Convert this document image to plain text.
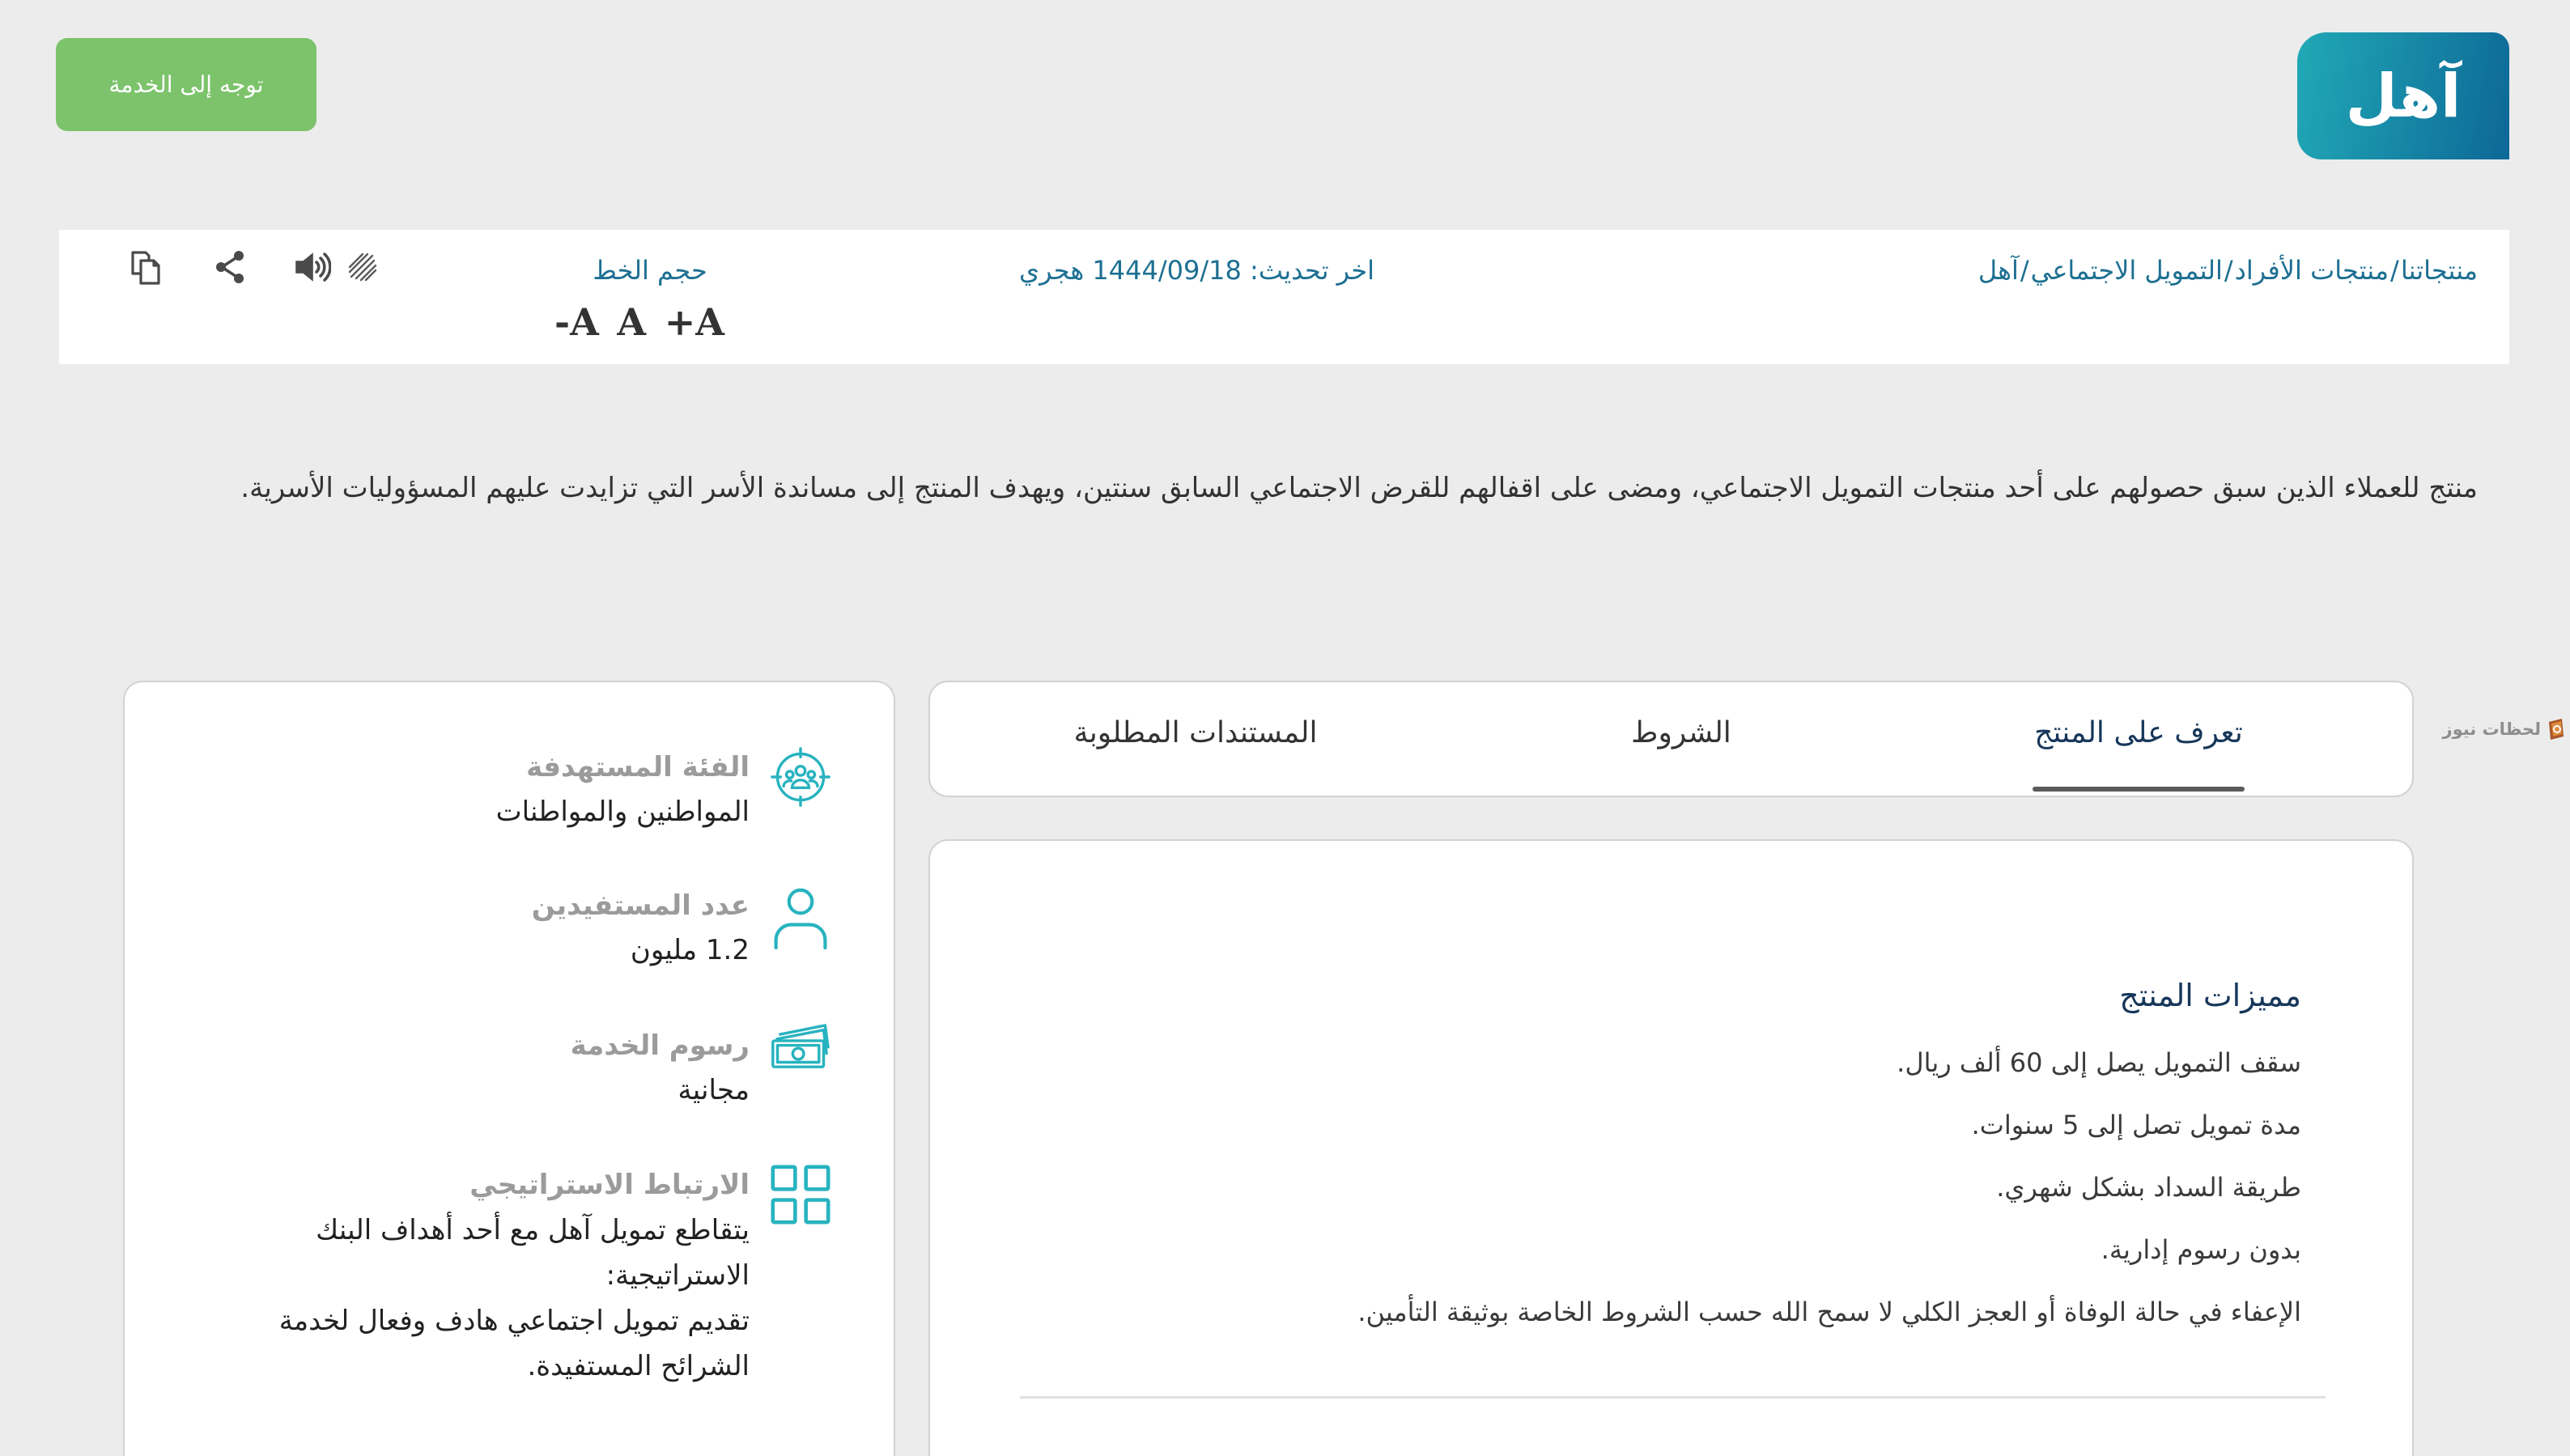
آهل
توجه إلى الخدمة
منتجاتنا
/
منتجات الأفراد
/
التمويل الاجتماعي
/
آهل
اخر تحديث: 1444/09/18 هجري
حجم الخط
-A A +A
منتج للعملاء الذين سبق حصولهم على أحد منتجات التمويل الاجتماعي، ومضى على اقفالهم للقرض الاجتماعي السابق سنتين، ويهدف المنتج إلى مساندة الأسر التي تزايدت عليهم المسؤوليات الأسرية.
لحظات نيوز
الفئة المستهدفة
المواطنين والمواطنات
عدد المستفيدين
1.2 مليون
رسوم الخدمة
مجانية
الارتباط الاستراتيجي
يتقاطع تمويل آهل مع أحد أهداف البنك الاستراتيجية:
تقديم تمويل اجتماعي هادف وفعال لخدمة الشرائح المستفيدة.
تعرف على المنتج
الشروط
المستندات المطلوبة
مميزات المنتج
سقف التمويل يصل إلى 60 ألف ريال.
مدة تمويل تصل إلى 5 سنوات.
طريقة السداد بشكل شهري.
بدون رسوم إدارية.
الإعفاء في حالة الوفاة أو العجز الكلي لا سمح الله حسب الشروط الخاصة بوثيقة التأمين.
